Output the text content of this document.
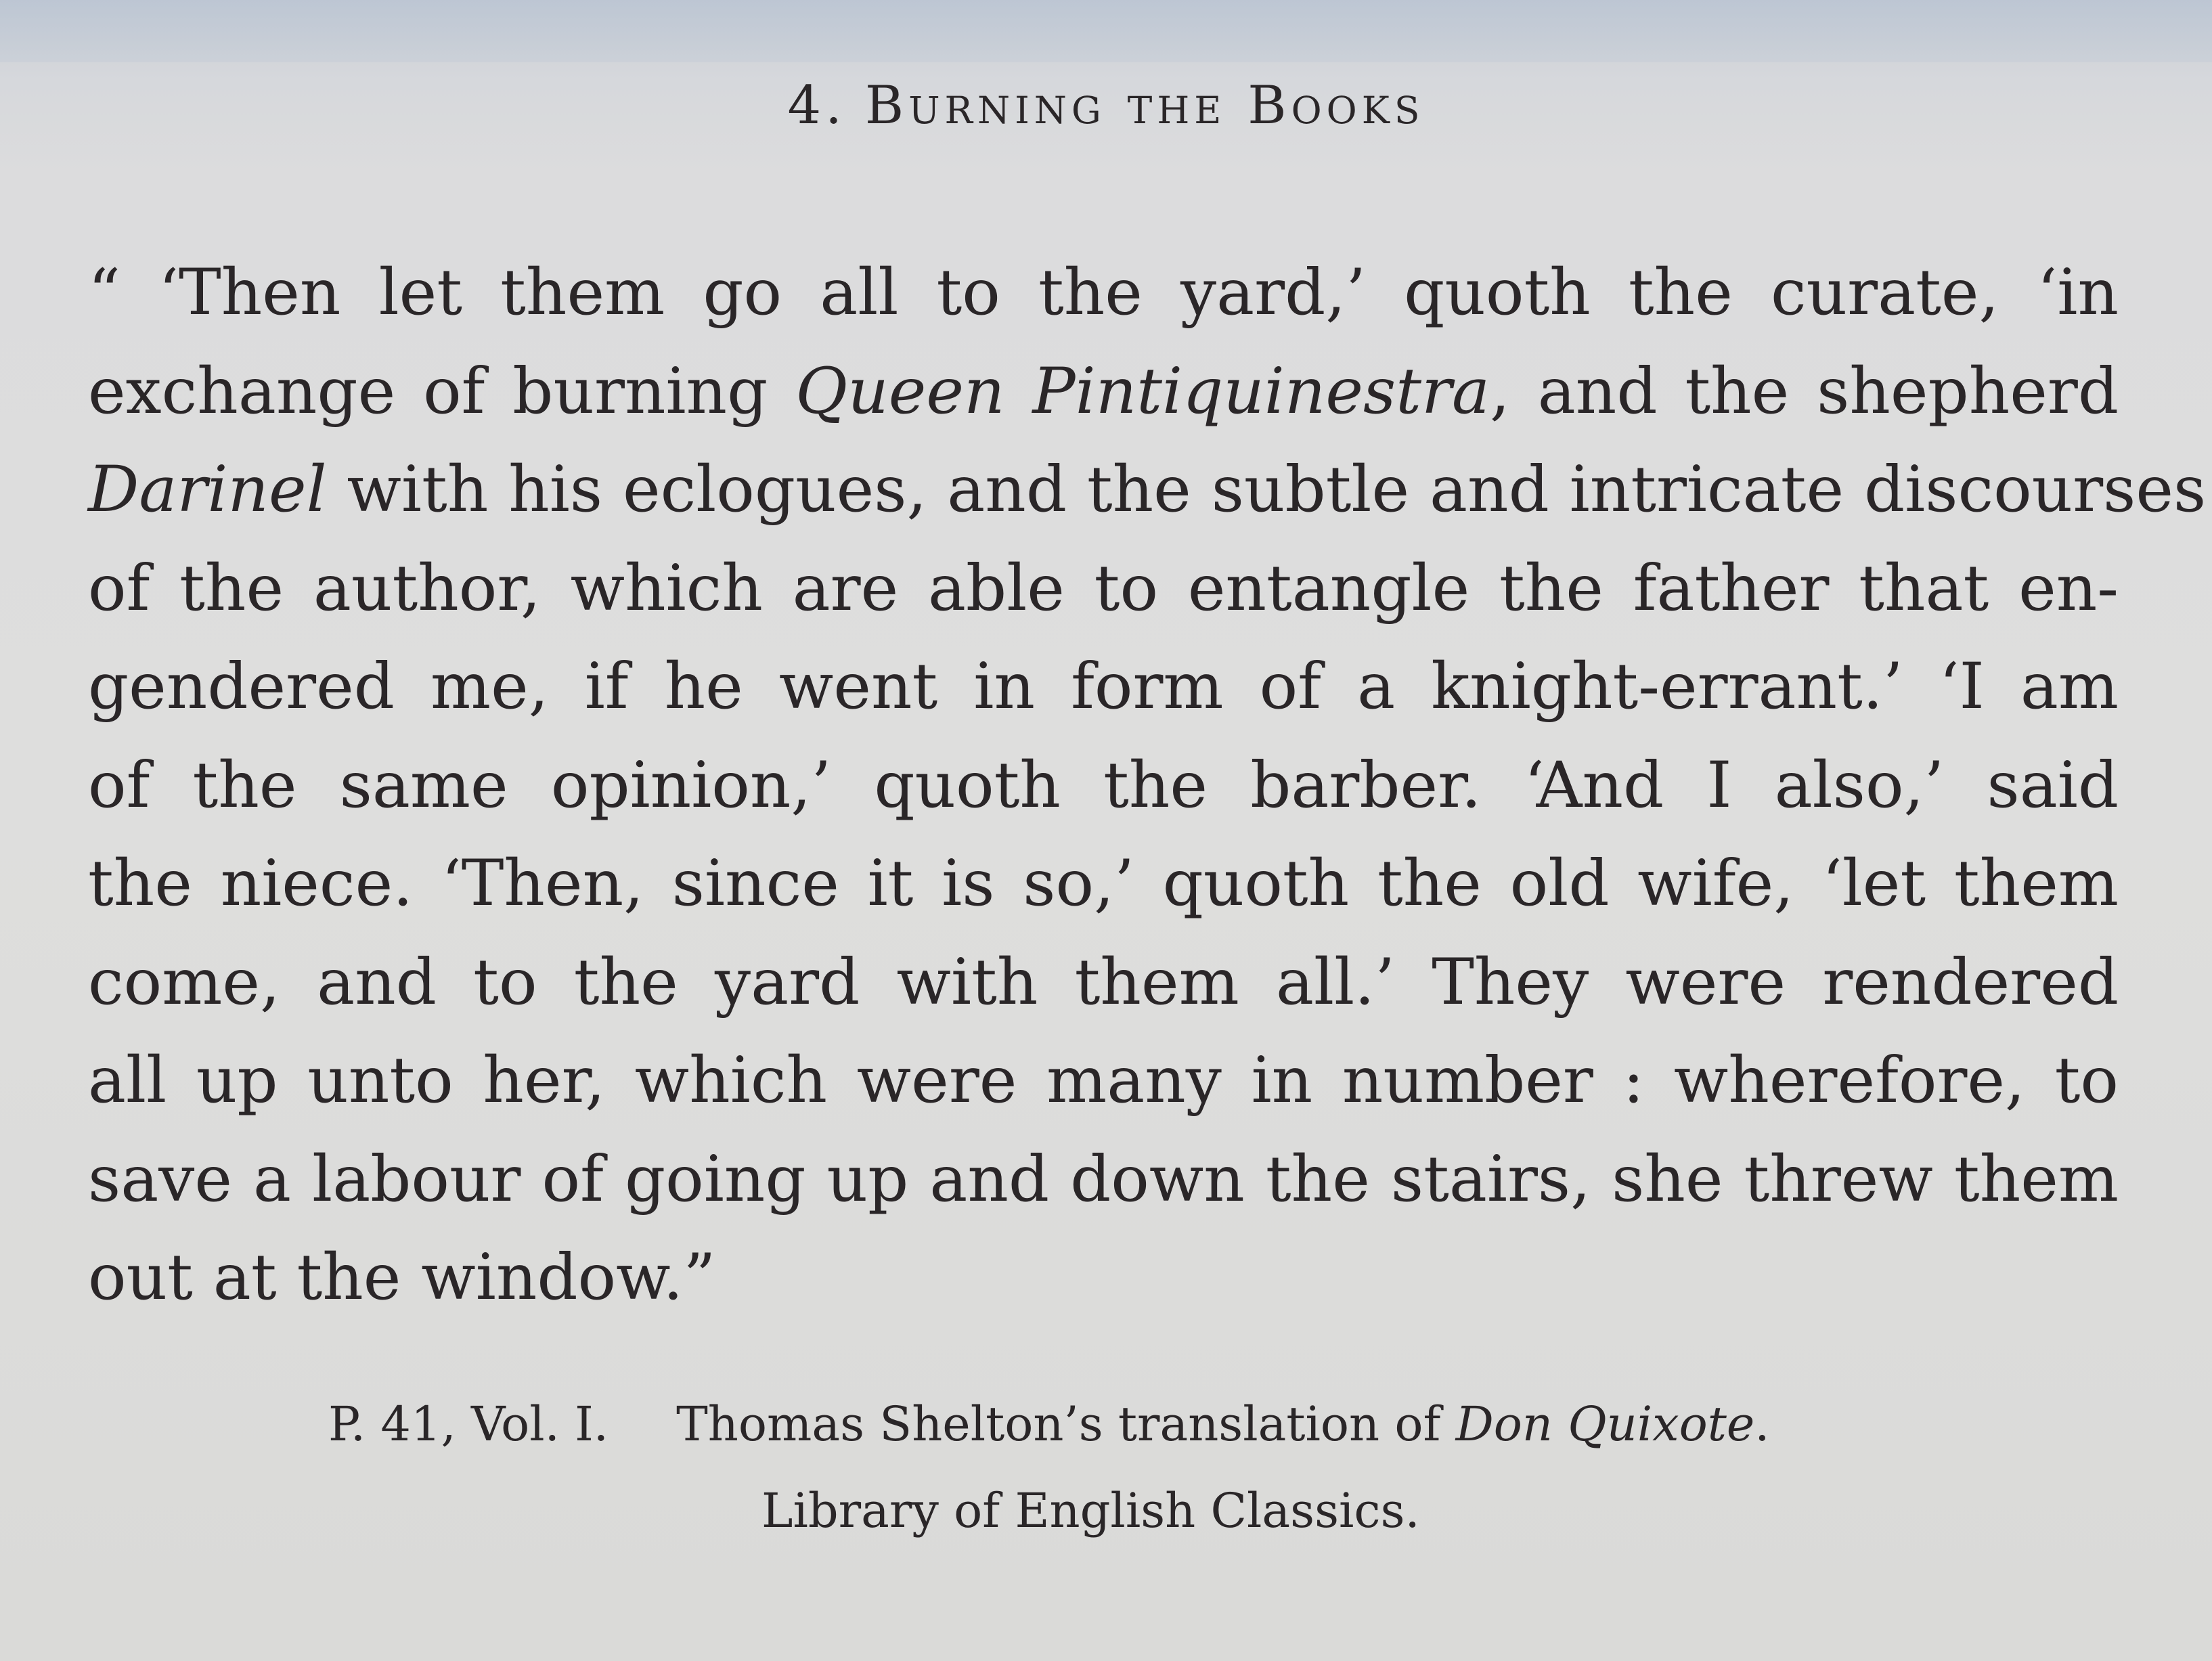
4. Burning the Books
“ ‘Then let them go all to the yard,’ quoth the curate, ‘in
exchange of burning Queen Pintiquinestra, and the shepherd
Darinel with his eclogues, and the subtle and intricate discourses
of the author, which are able to entangle the father that en-
gendered me, if he went in form of a knight-errant.’ ‘I am
of the same opinion,’ quoth the barber. ‘And I also,’ said
the niece. ‘Then, since it is so,’ quoth the old wife, ‘let them
come, and to the yard with them all.’ They were rendered
all up unto her, which were many in number : wherefore, to
save a labour of going up and down the stairs, she threw them
out at the window.”
P. 41, Vol. I. Thomas Shelton’s translation of Don Quixote.
Library of English Classics.
